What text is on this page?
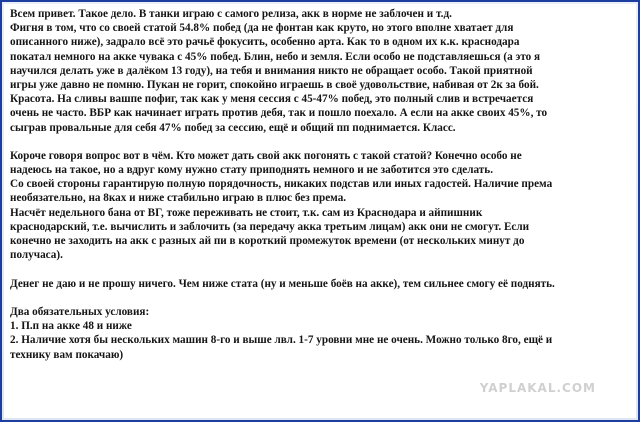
Всем привет. Такое дело. В танки играю с самого релиза, акк в норме не заблочен и т.д.
Фигня в том, что со своей статой 54.8% побед (да не фонтан как круто, но этого вполне хватает для
описанного ниже), задрало всё это рачьё фокусить, особенно арта. Как то в одном их к.к. краснодара
покатал немного на акке чувака с 45% побед. Блин, небо и земля. Если особо не подставляешься (а это я
научился делать уже в далёком 13 году), на тебя и внимания никто не обращает особо. Такой приятной
игры уже давно не помню. Пукан не горит, спокойно играешь в своё удовольствие, набивая от 2к за бой.
Красота. На сливы вашпе пофиг, так как у меня сессия с 45-47% побед, это полный слив и встречается
очень не часто. ВБР как начинает играть против дебя, так и пошло поехало. А если на акке своих 45%, то
сыграв провальные для себя 47% побед за сессию, ещё и общий пп поднимается. Класс.
Короче говоря вопрос вот в чём. Кто может дать свой акк погонять с такой статой? Конечно особо не
надеюсь на такое, но а вдруг кому нужно стату приподнять немного и не заботится это сделать.
Со своей стороны гарантирую полную порядочность, никаких подстав или иных гадостей. Наличие према
необязательно, на 8ках и ниже стабильно играю в плюс без према.
Насчёт недельного бана от ВГ, тоже переживать не стоит, т.к. сам из Краснодара и айпишник
краснодарский, т.е. вычислить и заблочить (за передачу акка третьим лицам) акк они не смогут. Если
конечно не заходить на акк с разных ай пи в короткий промежуток времени (от нескольких минут до
получаса).
Денег не даю и не прошу ничего. Чем ниже стата (ну и меньше боёв на акке), тем сильнее смогу её поднять.
Два обязательных условия:
1. П.п на акке 48 и ниже
2. Наличие хотя бы нескольких машин 8-го и выше лвл. 1-7 уровни мне не очень. Можно только 8го, ещё и
технику вам покачаю)
YAPLAKAL.COM
